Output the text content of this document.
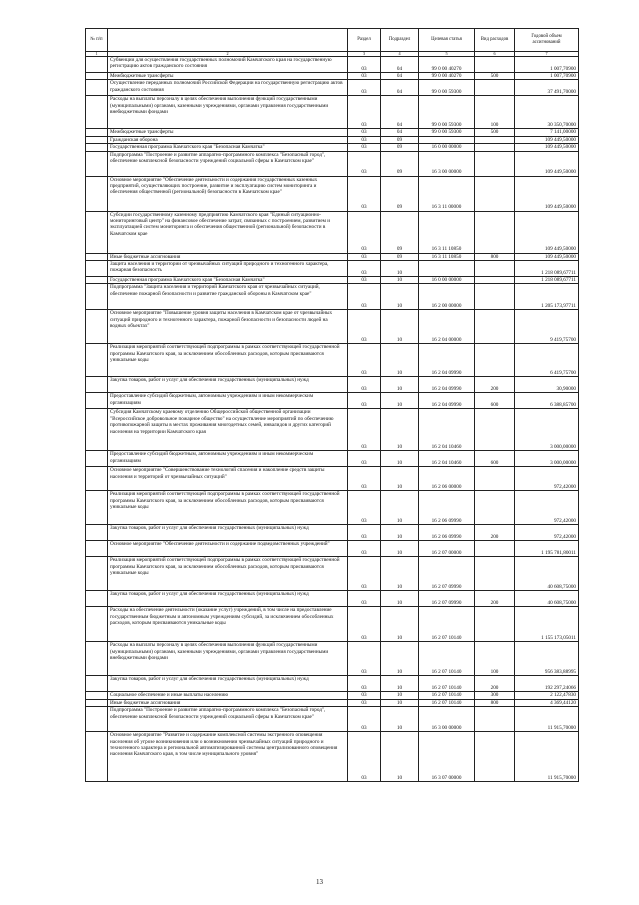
№ п/п		Раздел	Подраздел	Целевая статья	Вид расходов	Годовой объем ассигнований
1	2	3	4	5	6	7
	Субвенции для осуществления государственных полномочий Камчатского края на государственную регистрацию актов гражданского состояния	03	04	99 0 00 40270		1 007,70900
	Межбюджетные трансферты	03	04	99 0 00 40270	500	1 007,70900
	Осуществление переданных полномочий Российской Федерации на государственную регистрацию актов гражданского состояния	03	04	99 0 00 59300		37 491,70000
	Расходы на выплаты персоналу в целях обеспечения выполнения функций государственными (муниципальными) органами, казенными учреждениями, органами управления государственными внебюджетными фондами	03	04	99 0 00 59300	100	30 350,70000
	Межбюджетные трансферты	03	04	99 0 00 59300	500	7 141,00000
	Гражданская оборона	03	09			109 449,50000
	Государственная программа Камчатского края "Безопасная Камчатка"	03	09	16 0 00 00000		109 449,50000
	Подпрограмма "Построение и развитие аппаратно-программного комплекса "Безопасный город", обеспечение комплексной безопасности учреждений социальной сферы в Камчатском крае"	03	09	16 3 00 00000		109 449,50000
	Основное мероприятие "Обеспечение деятельности и содержания государственных казенных предприятий, осуществляющих построение, развитие и эксплуатацию систем мониторинга и обеспечения общественной (региональной) безопасности в Камчатском крае"	03	09	16 3 11 00000		109 449,50000
	Субсидии государственному казенному предприятию Камчатского края "Единый ситуационно-мониторинговый центр" на финансовое обеспечение затрат, связанных с построением, развитием и эксплуатацией систем мониторинга и обеспечения общественной (региональной) безопасности в Камчатском крае	03	09	16 3 11 10850		109 449,50000
	Иные бюджетные ассигнования	03	09	16 3 11 10850	800	109 449,50000
	Защита населения и территории от чрезвычайных ситуаций природного и техногенного характера, пожарная безопасность	03	10			1 218 089,67711
	Государственная программа Камчатского края "Безопасная Камчатка"	03	10	16 0 00 00000		1 218 089,67711
	Подпрограмма "Защита населения и территорий Камчатского края от чрезвычайных ситуаций, обеспечение пожарной безопасности и развитие гражданской обороны в Камчатском крае"	03	10	16 2 00 00000		1 205 173,97711
	Основное мероприятие "Повышение уровня защиты населения в Камчатском крае от чрезвычайных ситуаций природного и техногенного характера, пожарной безопасности и безопасности людей на водных объектах"	03	10	16 2 04 00000		9 419,75700
	Реализация мероприятий соответствующей подпрограммы в рамках соответствующей государственной программы Камчатского края, за исключением обособленных расходов, которым присваиваются уникальные коды	03	10	16 2 04 09990		6 419,75700
	Закупка товаров, работ и услуг для обеспечения государственных (муниципальных) нужд	03	10	16 2 04 09990	200	30,90000
	Предоставление субсидий бюджетным, автономным учреждениям и иным некоммерческим организациям	03	10	16 2 04 09990	600	6 388,85700
	Субсидия Камчатскому краевому отделению Общероссийской общественной организации "Всероссийское добровольное пожарное общество" на осуществление мероприятий по обеспечению противопожарной защиты в местах проживания многодетных семей, инвалидов и других категорий населения на территории Камчатского края	03	10	16 2 04 10460		3 000,00000
	Предоставление субсидий бюджетным, автономным учреждениям и иным некоммерческим организациям	03	10	16 2 04 10460	600	3 000,00000
	Основное мероприятие "Совершенствование технологий спасения и накопление средств защиты населения и территорий от чрезвычайных ситуаций"	03	10	16 2 06 00000		972,42000
	Реализация мероприятий соответствующей подпрограммы в рамках соответствующей государственной программы Камчатского края, за исключением обособленных расходов, которым присваиваются уникальные коды	03	10	16 2 06 09990		972,42000
	Закупка товаров, работ и услуг для обеспечения государственных (муниципальных) нужд	03	10	16 2 06 09990	200	972,42000
	Основное мероприятие "Обеспечение деятельности и содержание подведомственных учреждений"	03	10	16 2 07 00000		1 195 781,80011
	Реализация мероприятий соответствующей подпрограммы в рамках соответствующей государственной программы Камчатского края, за исключением обособленных расходов, которым присваиваются уникальные коды	03	10	16 2 07 09990		40 608,75000
	Закупка товаров, работ и услуг для обеспечения государственных (муниципальных) нужд	03	10	16 2 07 09990	200	40 608,75000
	Расходы на обеспечение деятельности (оказание услуг) учреждений, в том числе на предоставление государственным бюджетным и автономным учреждениям субсидий, за исключением обособленных расходов, которым присваиваются уникальные коды	03	10	16 2 07 10140		1 155 173,05011
	Расходы на выплаты персоналу в целях обеспечения выполнения функций государственными (муниципальными) органами, казенными учреждениями, органами управления государственными внебюджетными фондами	03	10	16 2 07 10140	100	956 383,88995
	Закупка товаров, работ и услуг для обеспечения государственных (муниципальных) нужд	03	10	16 2 07 10140	200	192 297,24066
	Социальное обеспечение и иные выплаты населению	03	10	16 2 07 10140	300	2 122,47830
	Иные бюджетные ассигнования	03	10	16 2 07 10140	800	4 369,44120
	Подпрограмма "Построение и развитие аппаратно-программного комплекса "Безопасный город", обеспечение комплексной безопасности учреждений социальной сферы в Камчатском крае"	03	10	16 3 00 00000		11 915,70000
	Основное мероприятие "Развитие и содержание комплексной системы экстренного оповещения населения об угрозе возникновения или о возникновении чрезвычайных ситуаций природного и техногенного характера и региональной автоматизированной системы централизованного оповещения населения Камчатского края, в том числе муниципального уровня"	03	10	16 3 07 00000		11 915,70000
13
